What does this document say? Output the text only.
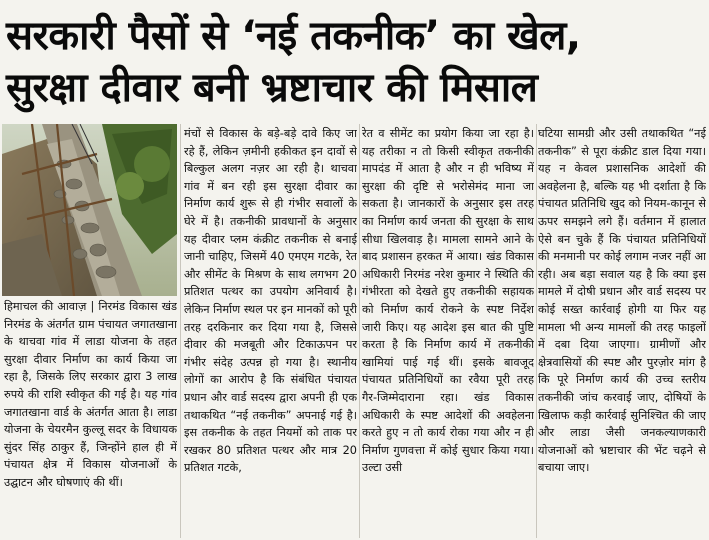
सरकारी पैसों से ‘नई तकनीक’ का खेल,
सुरक्षा दीवार बनी भ्रष्टाचार की मिसाल
हिमाचल की आवाज़ | निरमंड विकास खंड निरमंड के अंतर्गत ग्राम पंचायत जगातखाना के थाचवा गांव में लाडा योजना के तहत सुरक्षा दीवार निर्माण का कार्य किया जा रहा है, जिसके लिए सरकार द्वारा 3 लाख रुपये की राशि स्वीकृत की गई है। यह गांव जगातखाना वार्ड के अंतर्गत आता है। लाडा योजना के चेयरमैन कुल्लू सदर के विधायक सुंदर सिंह ठाकुर हैं, जिन्होंने हाल ही में पंचायत क्षेत्र में विकास योजनाओं के उद्घाटन और घोषणाएं की थीं।
मंचों से विकास के बड़े-बड़े दावे किए जा रहे हैं, लेकिन ज़मीनी हकीकत इन दावों से बिल्कुल अलग नज़र आ रही है। थाचवा गांव में बन रही इस सुरक्षा दीवार का निर्माण कार्य शुरू से ही गंभीर सवालों के घेरे में है। तकनीकी प्रावधानों के अनुसार यह दीवार प्लम कंक्रीट तकनीक से बनाई जानी चाहिए, जिसमें 40 एमएम गटके, रेत और सीमेंट के मिश्रण के साथ लगभग 20 प्रतिशत पत्थर का उपयोग अनिवार्य है। लेकिन निर्माण स्थल पर इन मानकों को पूरी तरह दरकिनार कर दिया गया है, जिससे दीवार की मजबूती और टिकाऊपन पर गंभीर संदेह उत्पन्न हो गया है। स्थानीय लोगों का आरोप है कि संबंधित पंचायत प्रधान और वार्ड सदस्य द्वारा अपनी ही एक तथाकथित “नई तकनीक” अपनाई गई है। इस तकनीक के तहत नियमों को ताक पर रखकर 80 प्रतिशत पत्थर और मात्र 20 प्रतिशत गटके,
रेत व सीमेंट का प्रयोग किया जा रहा है। यह तरीका न तो किसी स्वीकृत तकनीकी मापदंड में आता है और न ही भविष्य में सुरक्षा की दृष्टि से भरोसेमंद माना जा सकता है। जानकारों के अनुसार इस तरह का निर्माण कार्य जनता की सुरक्षा के साथ सीधा खिलवाड़ है। मामला सामने आने के बाद प्रशासन हरकत में आया। खंड विकास अधिकारी निरमंड नरेश कुमार ने स्थिति की गंभीरता को देखते हुए तकनीकी सहायक को निर्माण कार्य रोकने के स्पष्ट निर्देश जारी किए। यह आदेश इस बात की पुष्टि करता है कि निर्माण कार्य में तकनीकी खामियां पाई गई थीं। इसके बावजूद पंचायत प्रतिनिधियों का रवैया पूरी तरह गैर-जिम्मेदाराना रहा। खंड विकास अधिकारी के स्पष्ट आदेशों की अवहेलना करते हुए न तो कार्य रोका गया और न ही निर्माण गुणवत्ता में कोई सुधार किया गया। उल्टा उसी
घटिया सामग्री और उसी तथाकथित “नई तकनीक” से पूरा कंक्रीट डाल दिया गया। यह न केवल प्रशासनिक आदेशों की अवहेलना है, बल्कि यह भी दर्शाता है कि पंचायत प्रतिनिधि खुद को नियम-कानून से ऊपर समझने लगे हैं। वर्तमान में हालात ऐसे बन चुके हैं कि पंचायत प्रतिनिधियों की मनमानी पर कोई लगाम नजर नहीं आ रही। अब बड़ा सवाल यह है कि क्या इस मामले में दोषी प्रधान और वार्ड सदस्य पर कोई सख्त कार्रवाई होगी या फिर यह मामला भी अन्य मामलों की तरह फाइलों में दबा दिया जाएगा। ग्रामीणों और क्षेत्रवासियों की स्पष्ट और पुरज़ोर मांग है कि पूरे निर्माण कार्य की उच्च स्तरीय तकनीकी जांच करवाई जाए, दोषियों के खिलाफ कड़ी कार्रवाई सुनिश्चित की जाए और लाडा जैसी जनकल्याणकारी योजनाओं को भ्रष्टाचार की भेंट चढ़ने से बचाया जाए।
